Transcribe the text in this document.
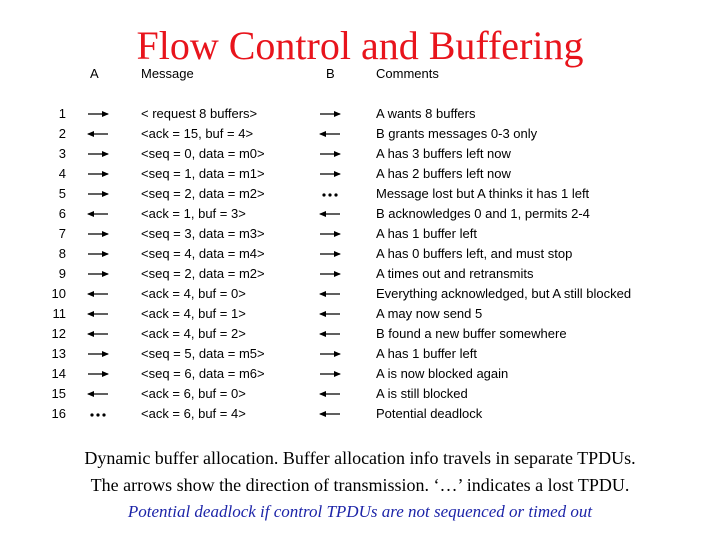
Flow Control and Buffering
A	Message	B	Comments
1	< request 8 buffers>	A wants 8 buffers
2	<ack = 15, buf = 4>	B grants messages 0-3 only
3	<seq = 0, data = m0>	A has 3 buffers left now
4	<seq = 1, data = m1>	A has 2 buffers left now
5	<seq = 2, data = m2>	Message lost but A thinks it has 1 left
6	<ack = 1, buf = 3>	B acknowledges 0 and 1, permits 2-4
7	<seq = 3, data = m3>	A has 1 buffer left
8	<seq = 4, data = m4>	A has 0 buffers left, and must stop
9	<seq = 2, data = m2>	A times out and retransmits
10	<ack = 4, buf = 0>	Everything acknowledged, but A still blocked
11	<ack = 4, buf = 1>	A may now send 5
12	<ack = 4, buf = 2>	B found a new buffer somewhere
13	<seq = 5, data = m5>	A has 1 buffer left
14	<seq = 6, data = m6>	A is now blocked again
15	<ack = 6, buf = 0>	A is still blocked
16	<ack = 6, buf = 4>	Potential deadlock
Dynamic buffer allocation. Buffer allocation info travels in separate TPDUs.
The arrows show the direction of transmission. ‘…’ indicates a lost TPDU.
Potential deadlock if control TPDUs are not sequenced or timed out
